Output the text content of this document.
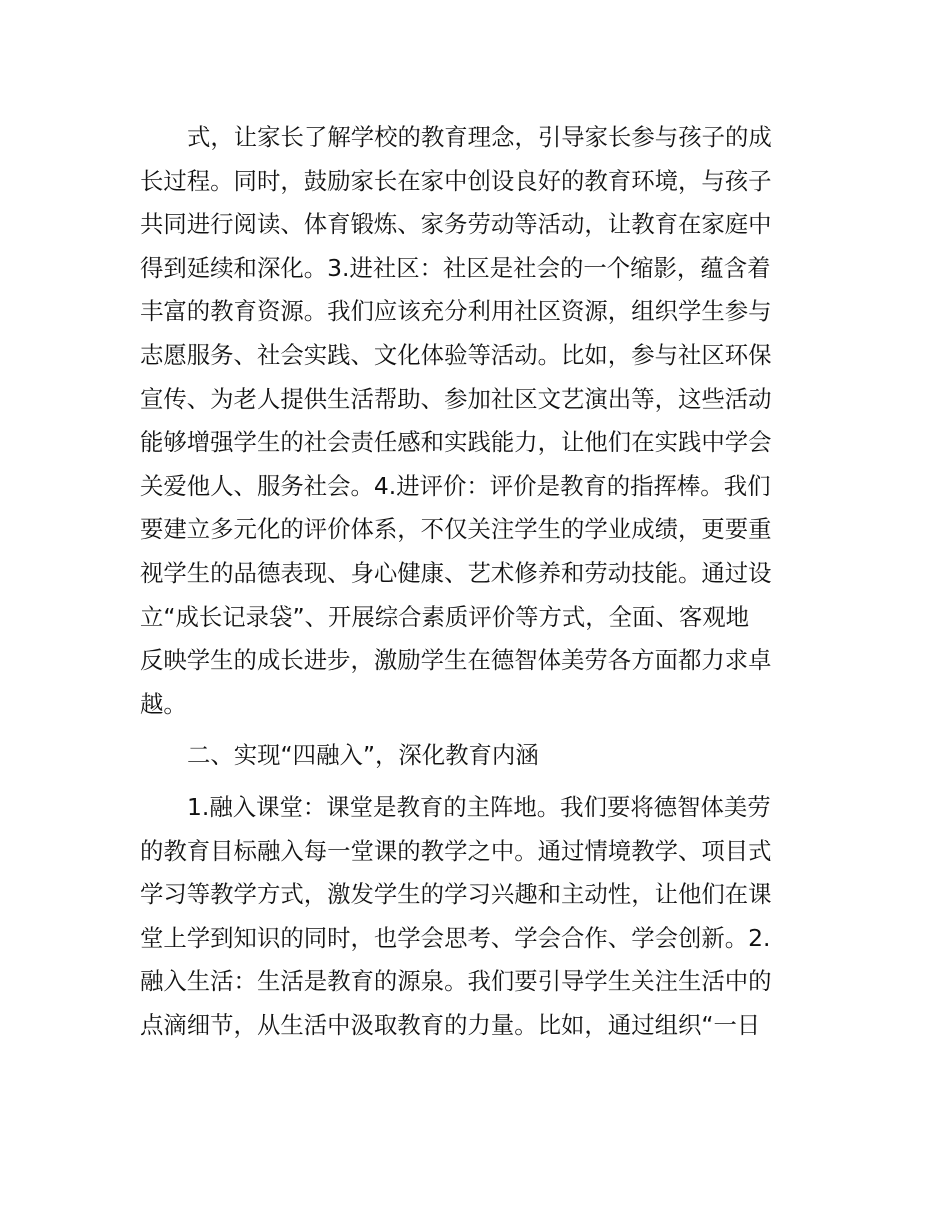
式，让家长了解学校的教育理念，引导家长参与孩子的成
长过程。同时，鼓励家长在家中创设良好的教育环境，与孩子
共同进行阅读、体育锻炼、家务劳动等活动，让教育在家庭中
得到延续和深化。3.进社区：社区是社会的一个缩影，蕴含着
丰富的教育资源。我们应该充分利用社区资源，组织学生参与
志愿服务、社会实践、文化体验等活动。比如，参与社区环保
宣传、为老人提供生活帮助、参加社区文艺演出等，这些活动
能够增强学生的社会责任感和实践能力，让他们在实践中学会
关爱他人、服务社会。4.进评价：评价是教育的指挥棒。我们
要建立多元化的评价体系，不仅关注学生的学业成绩，更要重
视学生的品德表现、身心健康、艺术修养和劳动技能。通过设
立“成长记录袋”、开展综合素质评价等方式，全面、客观地
反映学生的成长进步，激励学生在德智体美劳各方面都力求卓
越。
二、实现“四融入”，深化教育内涵
1.融入课堂：课堂是教育的主阵地。我们要将德智体美劳
的教育目标融入每一堂课的教学之中。通过情境教学、项目式
学习等教学方式，激发学生的学习兴趣和主动性，让他们在课
堂上学到知识的同时，也学会思考、学会合作、学会创新。2.
融入生活：生活是教育的源泉。我们要引导学生关注生活中的
点滴细节，从生活中汲取教育的力量。比如，通过组织“一日
